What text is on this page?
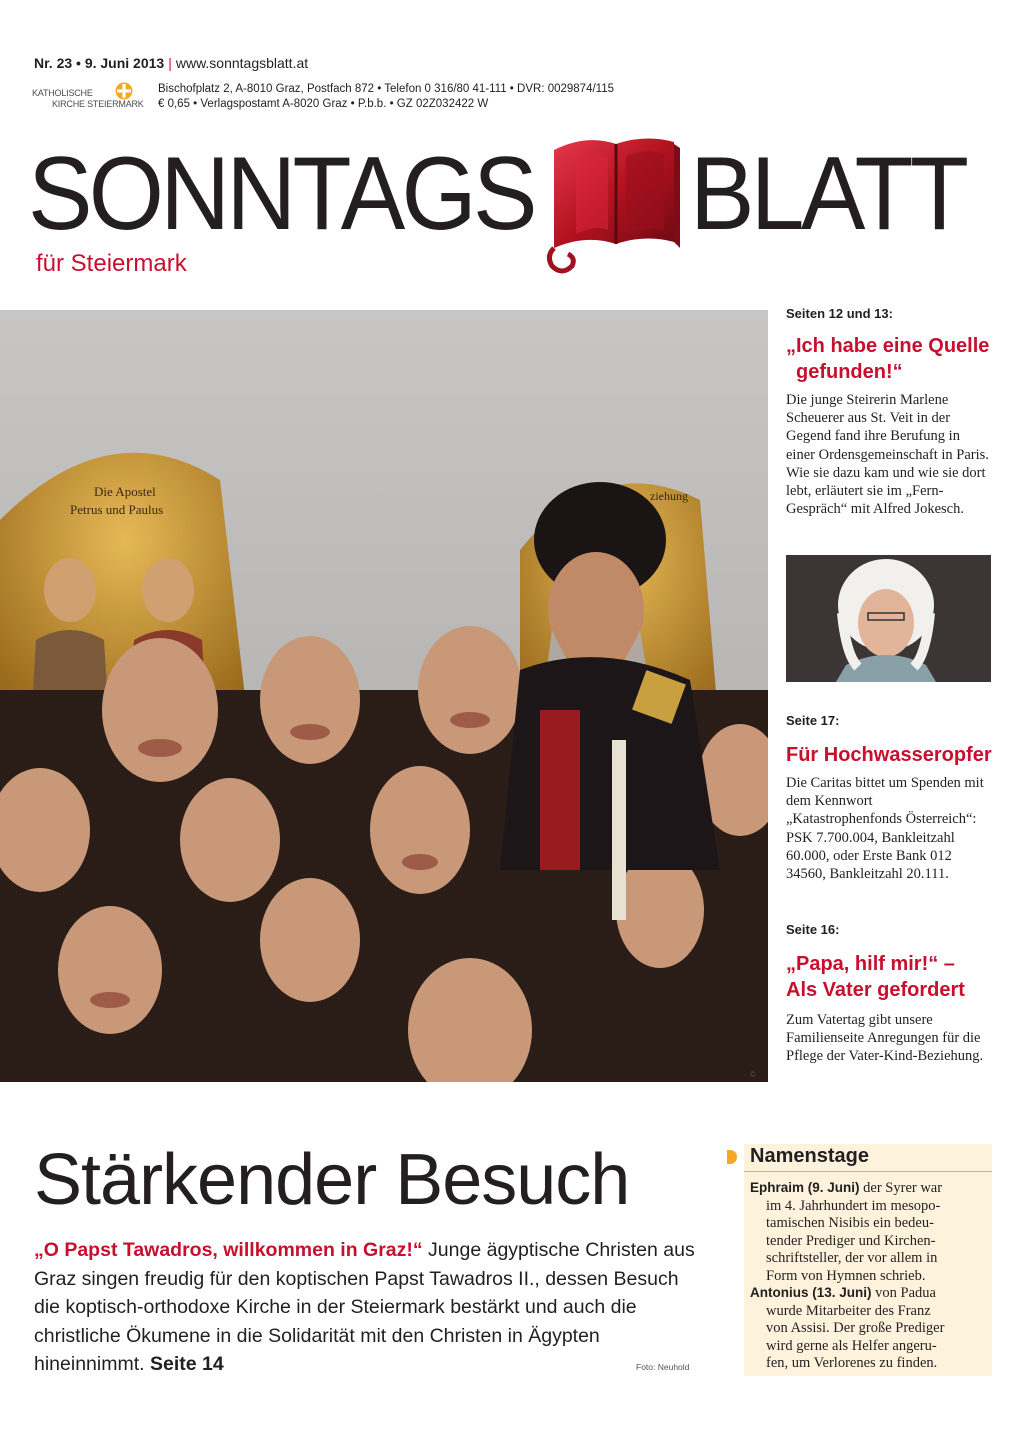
Nr. 23 • 9. Juni 2013 | www.sonntagsblatt.at
KATHOLISCHE
KIRCHE STEIERMARK
Bischofplatz 2, A-8010 Graz, Postfach 872 • Telefon 0 316/80 41-111 • DVR: 0029874/115
€ 0,65 • Verlagspostamt A-8020 Graz • P.b.b. • GZ 02Z032422 W
SONNTAGS BLATT
für Steiermark
Die Apostel
Petrus und Paulus
ziehung
©
Seiten 12 und 13:
„Ich habe eine Quelle
gefunden!“
Die junge Steirerin Marlene Scheuerer aus St. Veit in der Gegend fand ihre Berufung in einer Ordensgemeinschaft in Paris. Wie sie dazu kam und wie sie dort lebt, erläutert sie im „Fern-Gespräch“ mit Alfred Jokesch.
Seite 17:
Für Hochwasseropfer
Die Caritas bittet um Spenden mit dem Kennwort „Katastrophenfonds Österreich“: PSK 7.700.004, Bankleitzahl 60.000, oder Erste Bank 012 34560, Bankleitzahl 20.111.
Seite 16:
„Papa, hilf mir!“ –
Als Vater gefordert
Zum Vatertag gibt unsere Familienseite Anregungen für die Pflege der Vater-Kind-Beziehung.
Stärkender Besuch
„O Papst Tawadros, willkommen in Graz!“ Junge ägyptische Christen aus Graz singen freudig für den koptischen Papst Tawadros II., dessen Besuch die koptisch-orthodoxe Kirche in der Steiermark bestärkt und auch die christliche Ökumene in die Solidarität mit den Christen in Ägypten hineinnimmt. Seite 14	Foto: Neuhold
Namenstage
Ephraim (9. Juni) der Syrer war
im 4. Jahrhundert im mesopo-
tamischen Nisibis ein bedeu-
tender Prediger und Kirchen-
schriftsteller, der vor allem in
Form von Hymnen schrieb.
Antonius (13. Juni) von Padua
wurde Mitarbeiter des Franz
von Assisi. Der große Prediger
wird gerne als Helfer angeru-
fen, um Verlorenes zu finden.
